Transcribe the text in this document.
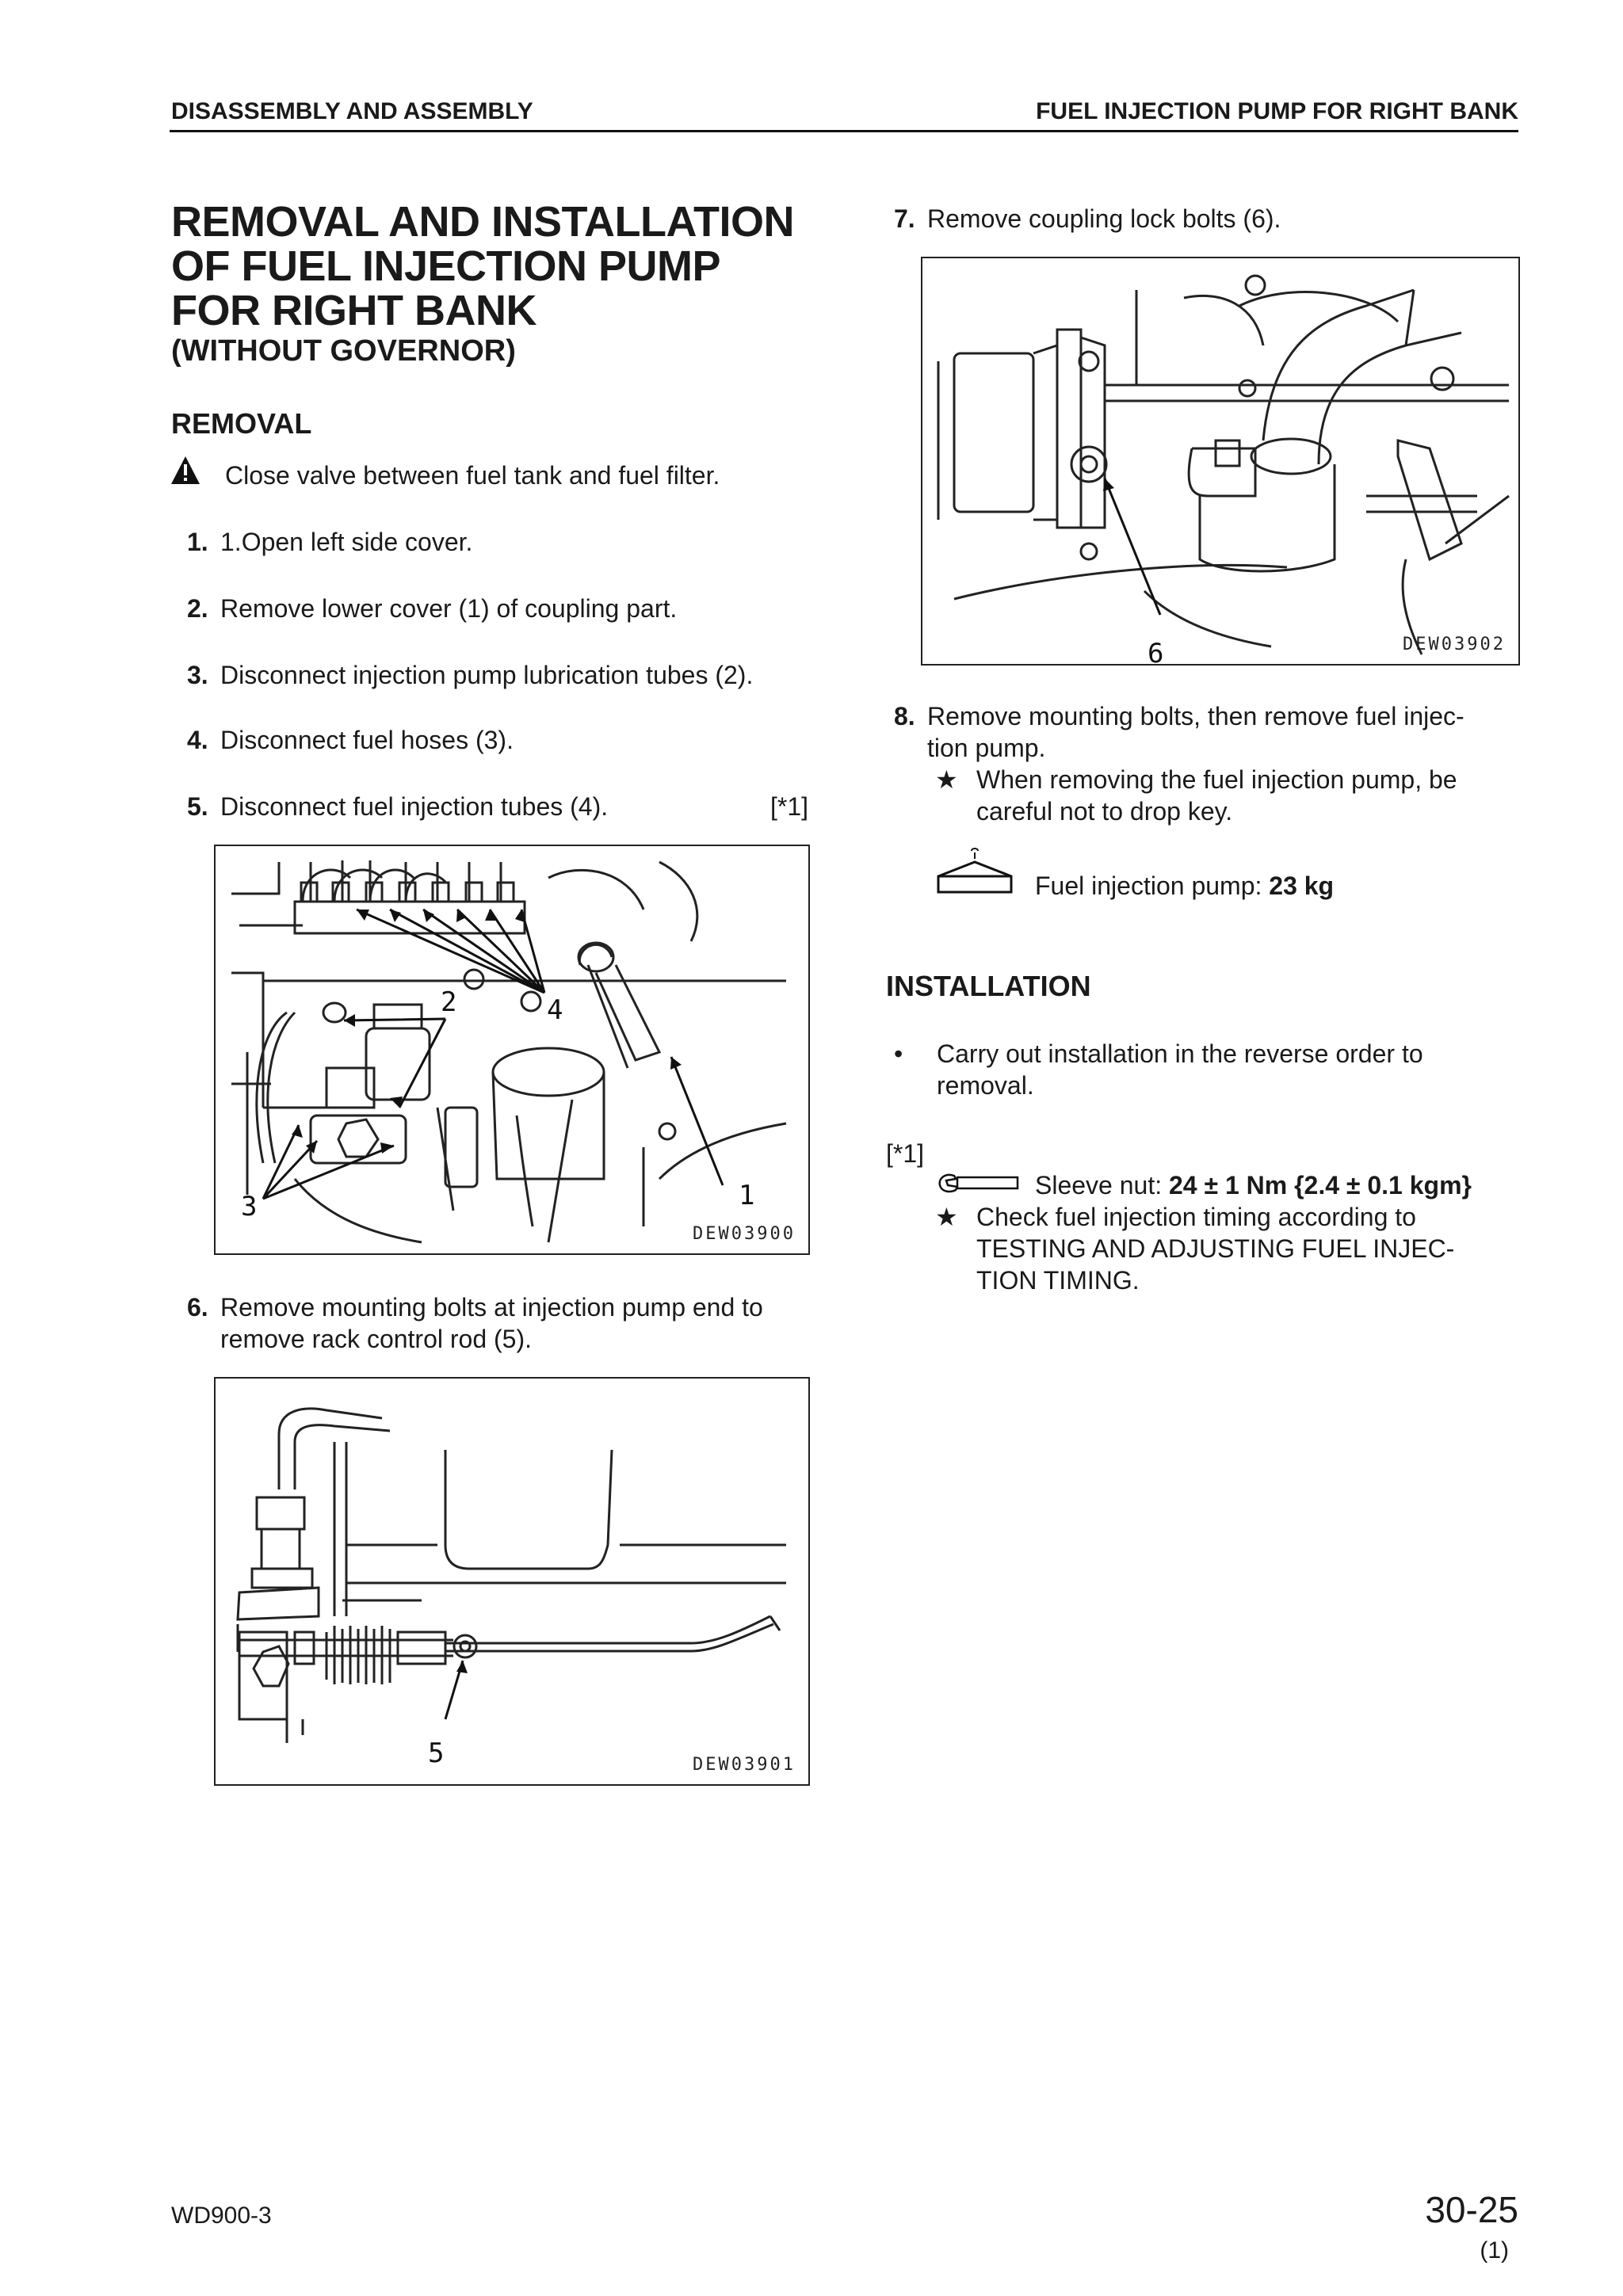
DISASSEMBLY AND ASSEMBLY	FUEL INJECTION PUMP FOR RIGHT BANK
REMOVAL AND INSTALLATION
OF FUEL INJECTION PUMP
FOR RIGHT BANK
(WITHOUT GOVERNOR)
REMOVAL
Close valve between fuel tank and fuel filter.
1. 1.Open left side cover.
2. Remove lower cover (1) of coupling part.
3. Disconnect injection pump lubrication tubes (2).
4. Disconnect fuel hoses (3).
5. Disconnect fuel injection tubes (4).	[*1]
2	4
3	1
DEW03900
6. Remove mounting bolts at injection pump end to
remove rack control rod (5).
5	DEW03901
7. Remove coupling lock bolts (6).
6	DEW03902
8. Remove mounting bolts, then remove fuel injec-
tion pump.
★ When removing the fuel injection pump, be
careful not to drop key.
Fuel injection pump: 23 kg
INSTALLATION
• Carry out installation in the reverse order to
removal.
[*1]
Sleeve nut: 24 ± 1 Nm {2.4 ± 0.1 kgm}
★ Check fuel injection timing according to
TESTING AND ADJUSTING FUEL INJEC-
TION TIMING.
WD900-3	30-25
(1)
